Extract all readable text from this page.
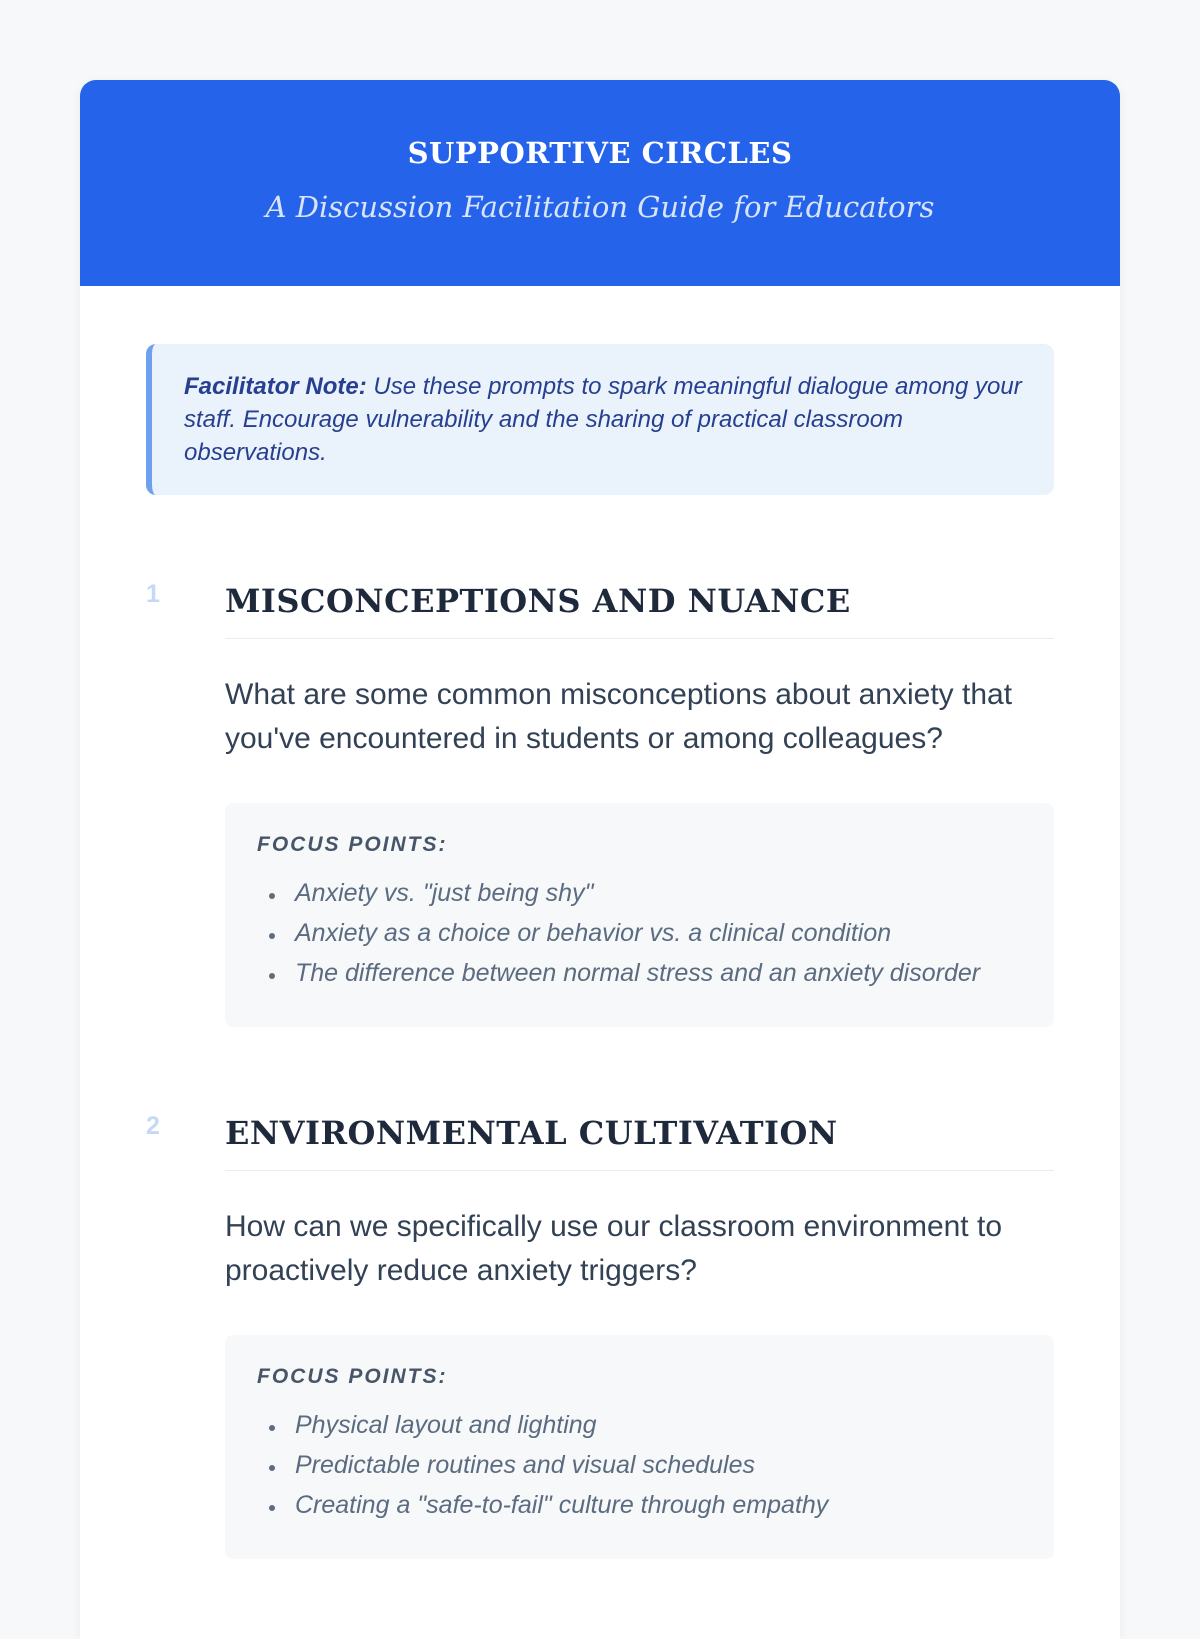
SUPPORTIVE CIRCLES
A Discussion Facilitation Guide for Educators
Facilitator Note: Use these prompts to spark meaningful dialogue among your staff. Encourage vulnerability and the sharing of practical classroom observations.
1	MISCONCEPTIONS AND NUANCE
What are some common misconceptions about anxiety that you've encountered in students or among colleagues?
FOCUS POINTS:
• Anxiety vs. "just being shy"
• Anxiety as a choice or behavior vs. a clinical condition
• The difference between normal stress and an anxiety disorder
2	ENVIRONMENTAL CULTIVATION
How can we specifically use our classroom environment to proactively reduce anxiety triggers?
FOCUS POINTS:
• Physical layout and lighting
• Predictable routines and visual schedules
• Creating a "safe-to-fail" culture through empathy
